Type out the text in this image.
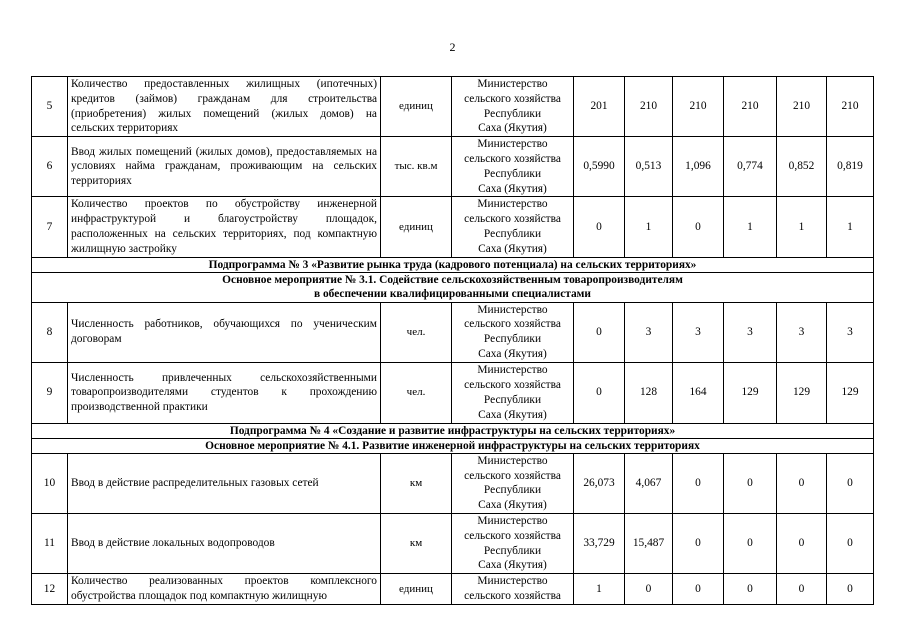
2
5	Количество предоставленных жилищных (ипотечных) кредитов (займов) гражданам для строительства (приобретения) жилых помещений (жилых домов) на сельских территориях	единиц	Министерство
сельского хозяйства
Республики
Саха (Якутия)	201	210	210	210	210	210
6	Ввод жилых помещений (жилых домов), предоставляемых на условиях найма гражданам, проживающим на сельских территориях	тыс. кв.м	Министерство
сельского хозяйства
Республики
Саха (Якутия)	0,5990	0,513	1,096	0,774	0,852	0,819
7	Количество проектов по обустройству инженерной инфраструктурой и благоустройству площадок, расположенных на сельских территориях, под компактную жилищную застройку	единиц	Министерство
сельского хозяйства
Республики
Саха (Якутия)	0	1	0	1	1	1

Подпрограмма № 3 «Развитие рынка труда (кадрового потенциала) на сельских территориях»									

Основное мероприятие № 3.1. Содействие сельскохозяйственным товаропроизводителям
в обеспечении квалифицированными специалистами									

8	Численность работников, обучающихся по ученическим договорам	чел.	Министерство
сельского хозяйства
Республики
Саха (Якутия)	0	3	3	3	3	3
9	Численность привлеченных сельскохозяйственными товаропроизводителями студентов к прохождению производственной практики	чел.	Министерство
сельского хозяйства
Республики
Саха (Якутия)	0	128	164	129	129	129

Подпрограмма № 4 «Создание и развитие инфраструктуры на сельских территориях»									

Основное мероприятие № 4.1. Развитие инженерной инфраструктуры на сельских территориях									

10	Ввод в действие распределительных газовых сетей	км	Министерство
сельского хозяйства
Республики
Саха (Якутия)	26,073	4,067	0	0	0	0
11	Ввод в действие локальных водопроводов	км	Министерство
сельского хозяйства
Республики
Саха (Якутия)	33,729	15,487	0	0	0	0
12	Количество реализованных проектов комплексного обустройства площадок под компактную жилищную	единиц	Министерство
сельского хозяйства	1	0	0	0	0	0
